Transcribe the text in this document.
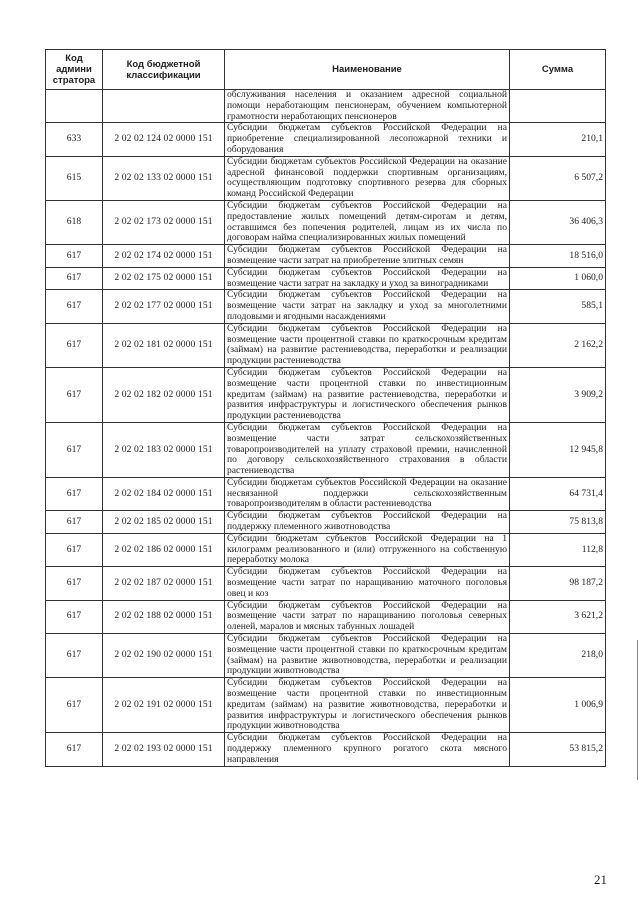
Код админи стратора	Код бюджетной классификации	Наименование	Сумма
		обслуживания населения и оказанием адресной социальной помощи неработающим пенсионерам, обучением компьютерной грамотности неработающих пенсионеров	
633	2 02 02 124 02 0000 151	Субсидии бюджетам субъектов Российской Федерации на приобретение специализированной лесопожарной техники и оборудования	210,1
615	2 02 02 133 02 0000 151	Субсидии бюджетам субъектов Российской Федерации на оказание адресной финансовой поддержки спортивным организациям, осуществляющим подготовку спортивного резерва для сборных команд Российской Федерации	6 507,2
618	2 02 02 173 02 0000 151	Субсидии бюджетам субъектов Российской Федерации на предоставление жилых помещений детям-сиротам и детям, оставшимся без попечения родителей, лицам из их числа по договорам найма специализированных жилых помещений	36 406,3
617	2 02 02 174 02 0000 151	Субсидии бюджетам субъектов Российской Федерации на возмещение части затрат на приобретение элитных семян	18 516,0
617	2 02 02 175 02 0000 151	Субсидии бюджетам субъектов Российской Федерации на возмещение части затрат на закладку и уход за виноградниками	1 060,0
617	2 02 02 177 02 0000 151	Субсидии бюджетам субъектов Российской Федерации на возмещение части затрат на закладку и уход за многолетними плодовыми и ягодными насаждениями	585,1
617	2 02 02 181 02 0000 151	Субсидии бюджетам субъектов Российской Федерации на возмещение части процентной ставки по краткосрочным кредитам (займам) на развитие растениеводства, переработки и реализации продукции растениеводства	2 162,2
617	2 02 02 182 02 0000 151	Субсидии бюджетам субъектов Российской Федерации на возмещение части процентной ставки по инвестиционным кредитам (займам) на развитие растениеводства, переработки и развития инфраструктуры и логистического обеспечения рынков продукции растениеводства	3 909,2
617	2 02 02 183 02 0000 151	Субсидии бюджетам субъектов Российской Федерации на возмещение части затрат сельскохозяйственных товаропроизводителей на уплату страховой премии, начисленной по договору сельскохозяйственного страхования в области растениеводства	12 945,8
617	2 02 02 184 02 0000 151	Субсидии бюджетам субъектов Российской Федерации на оказание несвязанной поддержки сельскохозяйственным товаропроизводителям в области растениеводства	64 731,4
617	2 02 02 185 02 0000 151	Субсидии бюджетам субъектов Российской Федерации на поддержку племенного животноводства	75 813,8
617	2 02 02 186 02 0000 151	Субсидии бюджетам субъектов Российской Федерации на 1 килограмм реализованного и (или) отгруженного на собственную переработку молока	112,8
617	2 02 02 187 02 0000 151	Субсидии бюджетам субъектов Российской Федерации на возмещение части затрат по наращиванию маточного поголовья овец и коз	98 187,2
617	2 02 02 188 02 0000 151	Субсидии бюджетам субъектов Российской Федерации на возмещение части затрат по наращиванию поголовья северных оленей, маралов и мясных табунных лошадей	3 621,2
617	2 02 02 190 02 0000 151	Субсидии бюджетам субъектов Российской Федерации на возмещение части процентной ставки по краткосрочным кредитам (займам) на развитие животноводства, переработки и реализации продукции животноводства	218,0
617	2 02 02 191 02 0000 151	Субсидии бюджетам субъектов Российской Федерации на возмещение части процентной ставки по инвестиционным кредитам (займам) на развитие животноводства, переработки и развития инфраструктуры и логистического обеспечения рынков продукции животноводства	1 006,9
617	2 02 02 193 02 0000 151	Субсидии бюджетам субъектов Российской Федерации на поддержку племенного крупного рогатого скота мясного направления	53 815,2
21
